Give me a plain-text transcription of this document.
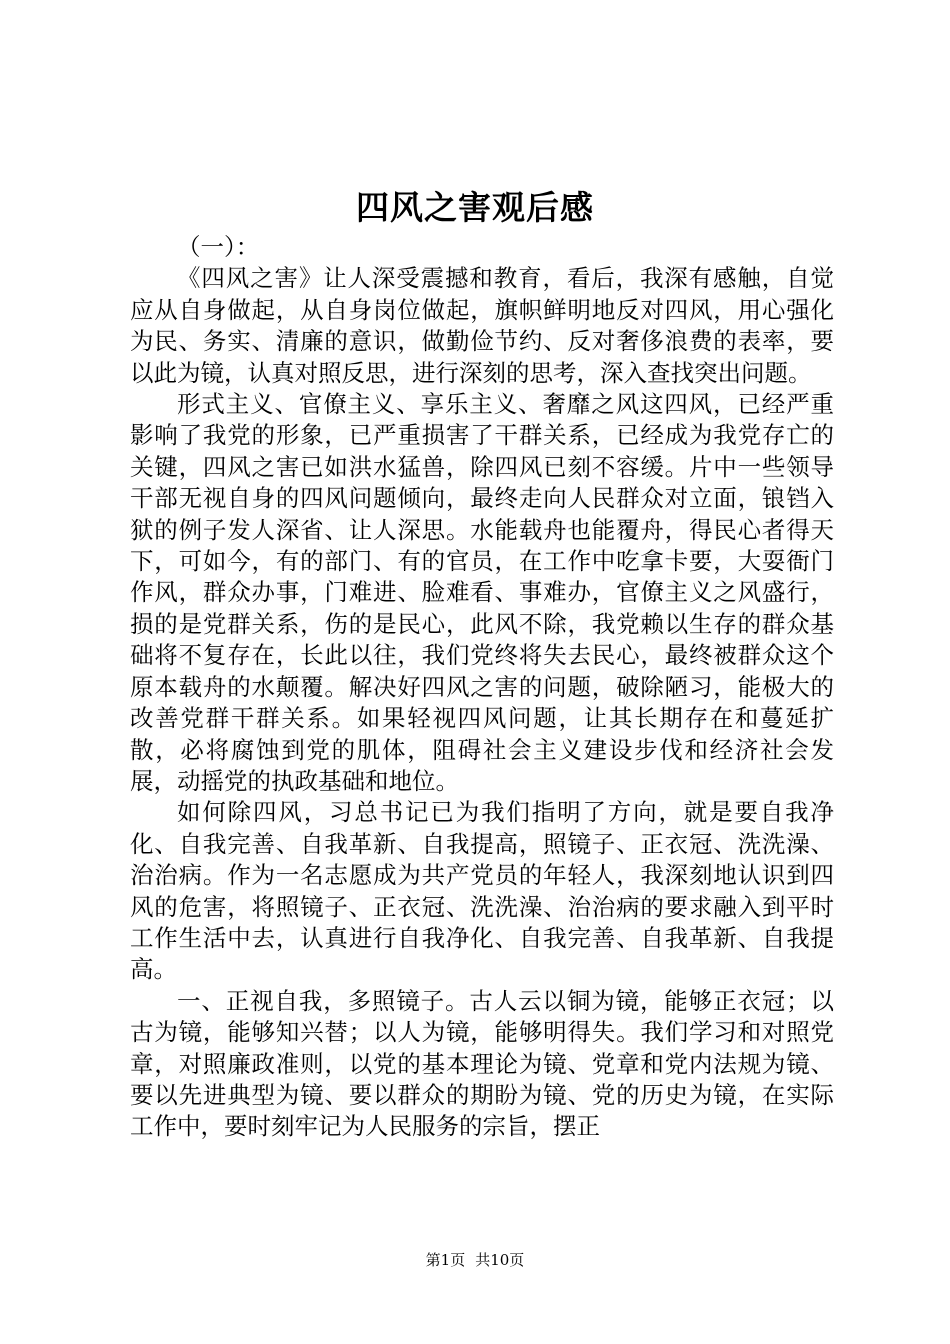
四风之害观后感

（一）：

《四风之害》让人深受震撼和教育，看后，我深有感触，自觉应从自身做起，从自身岗位做起，旗帜鲜明地反对四风，用心强化为民、务实、清廉的意识，做勤俭节约、反对奢侈浪费的表率，要以此为镜，认真对照反思，进行深刻的思考，深入查找突出问题。

形式主义、官僚主义、享乐主义、奢靡之风这四风，已经严重影响了我党的形象，已严重损害了干群关系，已经成为我党存亡的关键，四风之害已如洪水猛兽，除四风已刻不容缓。片中一些领导干部无视自身的四风问题倾向，最终走向人民群众对立面，锒铛入狱的例子发人深省、让人深思。水能载舟也能覆舟，得民心者得天下，可如今，有的部门、有的官员，在工作中吃拿卡要，大耍衙门作风，群众办事，门难进、脸难看、事难办，官僚主义之风盛行，损的是党群关系，伤的是民心，此风不除，我党赖以生存的群众基础将不复存在，长此以往，我们党终将失去民心，最终被群众这个原本载舟的水颠覆。解决好四风之害的问题，破除陋习，能极大的改善党群干群关系。如果轻视四风问题，让其长期存在和蔓延扩散，必将腐蚀到党的肌体，阻碍社会主义建设步伐和经济社会发展，动摇党的执政基础和地位。

如何除四风，习总书记已为我们指明了方向，就是要自我净化、自我完善、自我革新、自我提高，照镜子、正衣冠、洗洗澡、治治病。作为一名志愿成为共产党员的年轻人，我深刻地认识到四风的危害，将照镜子、正衣冠、洗洗澡、治治病的要求融入到平时工作生活中去，认真进行自我净化、自我完善、自我革新、自我提高。

一、正视自我，多照镜子。古人云以铜为镜，能够正衣冠；以古为镜，能够知兴替；以人为镜，能够明得失。我们学习和对照党章，对照廉政准则，以党的基本理论为镜、党章和党内法规为镜、要以先进典型为镜、要以群众的期盼为镜、党的历史为镜，在实际工作中，要时刻牢记为人民服务的宗旨，摆正

第1页 共10页
